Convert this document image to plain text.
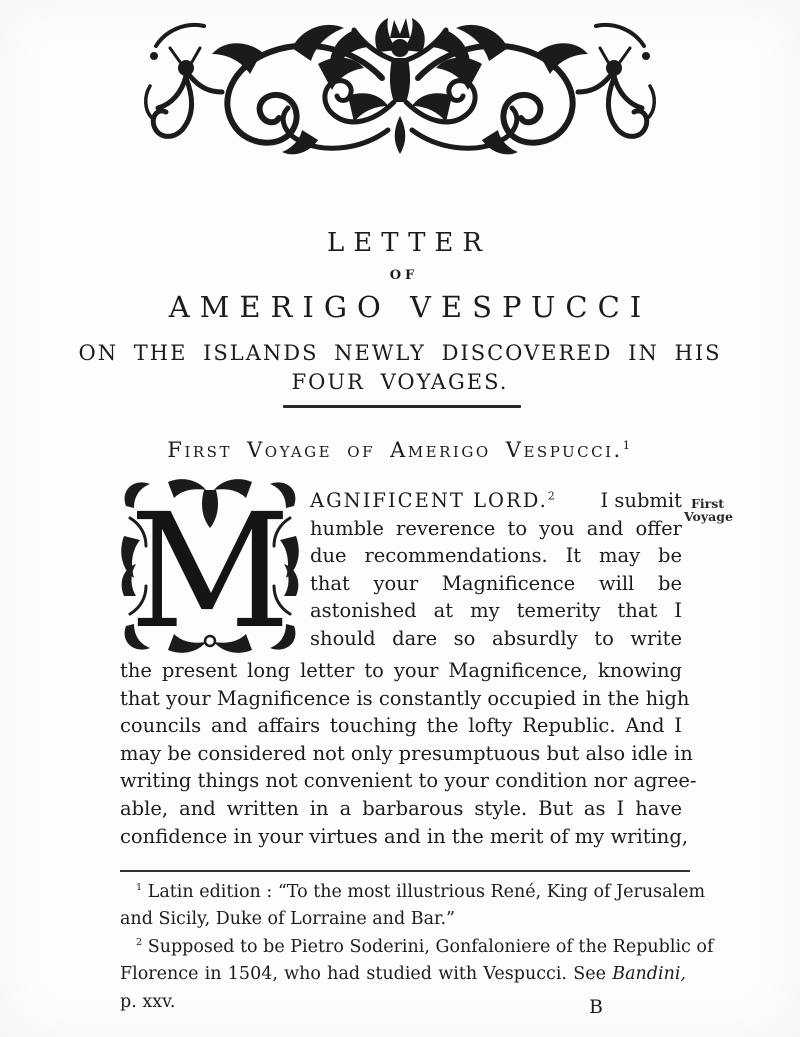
LETTER
OF
AMERIGO VESPUCCI
ON THE ISLANDS NEWLY DISCOVERED IN HIS
FOUR VOYAGES.
First Voyage of Amerigo Vespucci.$^1$
First
Voyage
M AGNIFICENT LORD.$^2$ I submit
humble reverence to you and offer
due recommendations. It may be
that your Magnificence will be
astonished at my temerity that I
should dare so absurdly to write
the present long letter to your Magnificence, knowing
that your Magnificence is constantly occupied in the high
councils and affairs touching the lofty Republic. And I
may be considered not only presumptuous but also idle in
writing things not convenient to your condition nor agree-
able, and written in a barbarous style. But as I have
confidence in your virtues and in the merit of my writing,
$^1$ Latin edition : “To the most illustrious René, King of Jerusalem
and Sicily, Duke of Lorraine and Bar.”
$^2$ Supposed to be Pietro Soderini, Gonfaloniere of the Republic of
Florence in 1504, who had studied with Vespucci. See Bandini,
p. xxv.	B
